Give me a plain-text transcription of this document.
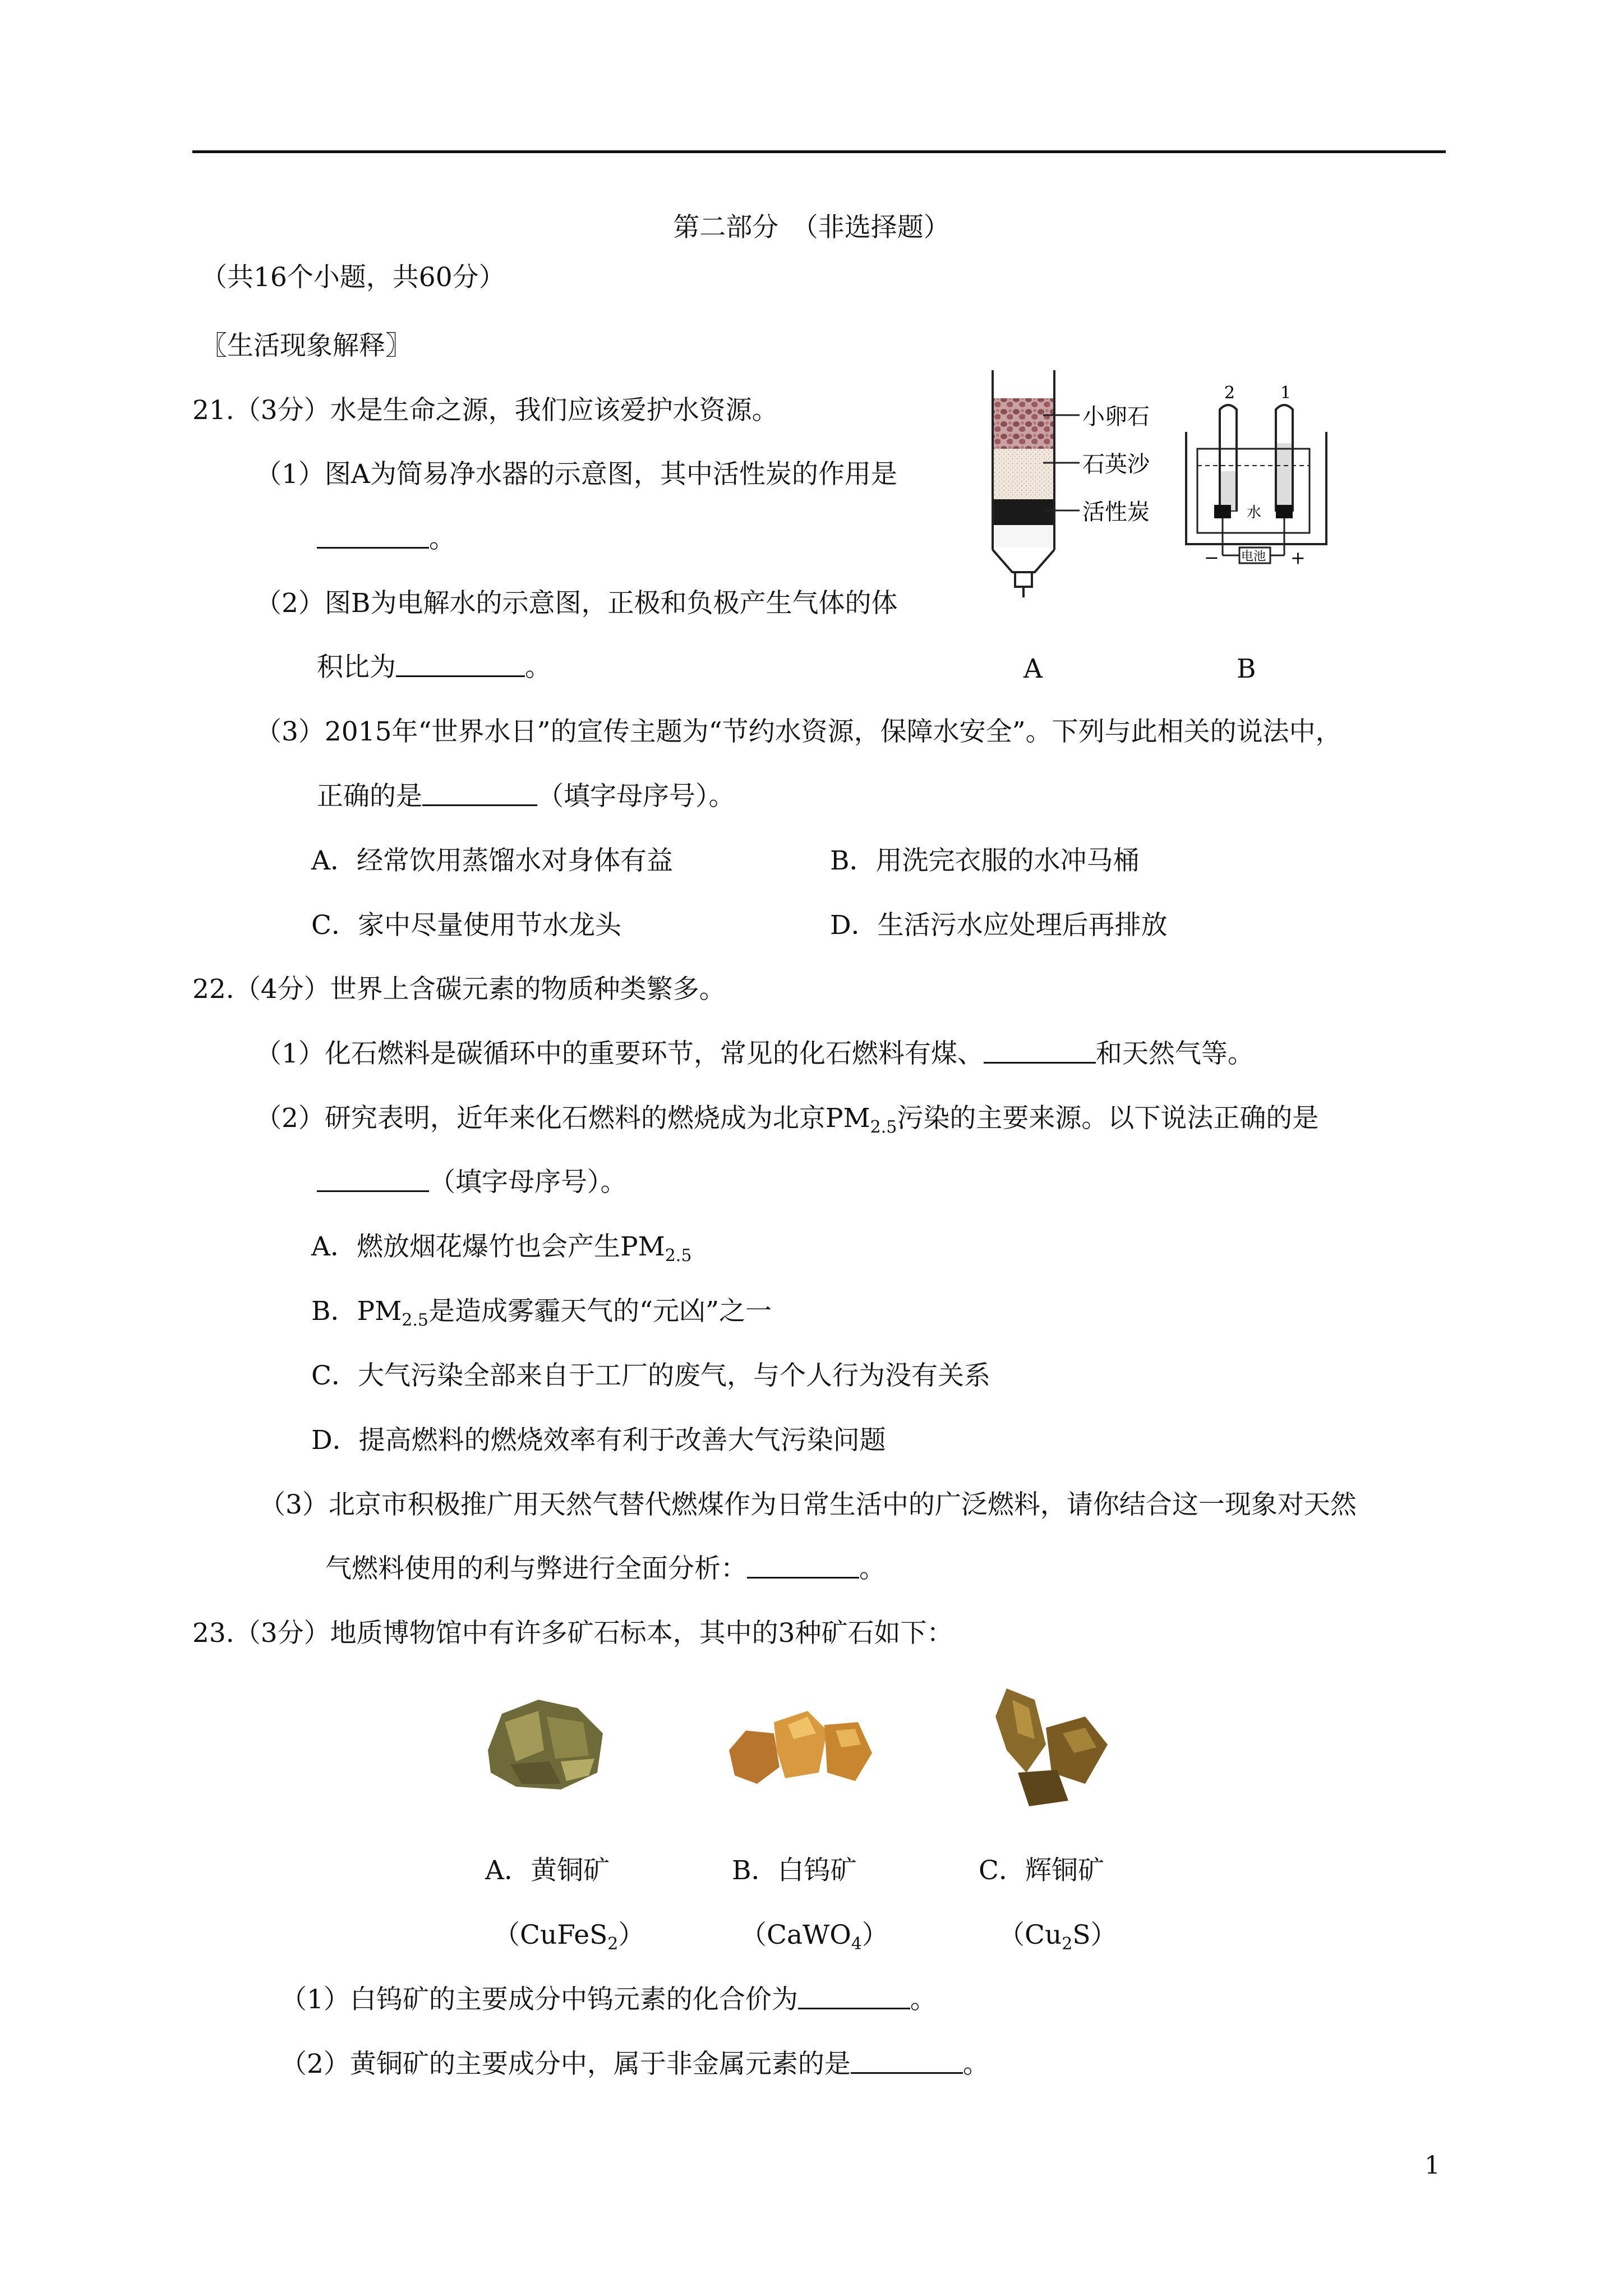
第二部分　（非选择题）
（共16个小题，共60分）
〖生活现象解释〗
21.（3分）水是生命之源，我们应该爱护水资源。
（1）图A为简易净水器的示意图，其中活性炭的作用是
。
（2）图B为电解水的示意图，正极和负极产生气体的体
积比为	。
（3）2015年“世界水日”的宣传主题为“节约水资源，保障水安全”。下列与此相关的说法中，
正确的是	（填字母序号）。
A．经常饮用蒸馏水对身体有益	B．用洗完衣服的水冲马桶
C．家中尽量使用节水龙头	D．生活污水应处理后再排放
小卵石
石英沙
活性炭
2	1
水
电池
−	+
A	B
22.（4分）世界上含碳元素的物质种类繁多。
（1）化石燃料是碳循环中的重要环节，常见的化石燃料有煤、	和天然气等。
（2）研究表明，近年来化石燃料的燃烧成为北京$PM_{2.5}$污染的主要来源。以下说法正确的是
（填字母序号）。
A．燃放烟花爆竹也会产生$PM_{2.5}$
B．$PM_{2.5}$是造成雾霾天气的“元凶”之一
C．大气污染全部来自于工厂的废气，与个人行为没有关系
D．提高燃料的燃烧效率有利于改善大气污染问题
（3）北京市积极推广用天然气替代燃煤作为日常生活中的广泛燃料，请你结合这一现象对天然
气燃料使用的利与弊进行全面分析：	。
23.（3分）地质博物馆中有许多矿石标本，其中的3种矿石如下：
A．黄铜矿	B．白钨矿	C．辉铜矿
（CuFeS$_2$）	（CaWO$_4$）	$(Cu_2S)$
（1）白钨矿的主要成分中钨元素的化合价为	。
（2）黄铜矿的主要成分中，属于非金属元素的是	。
1
